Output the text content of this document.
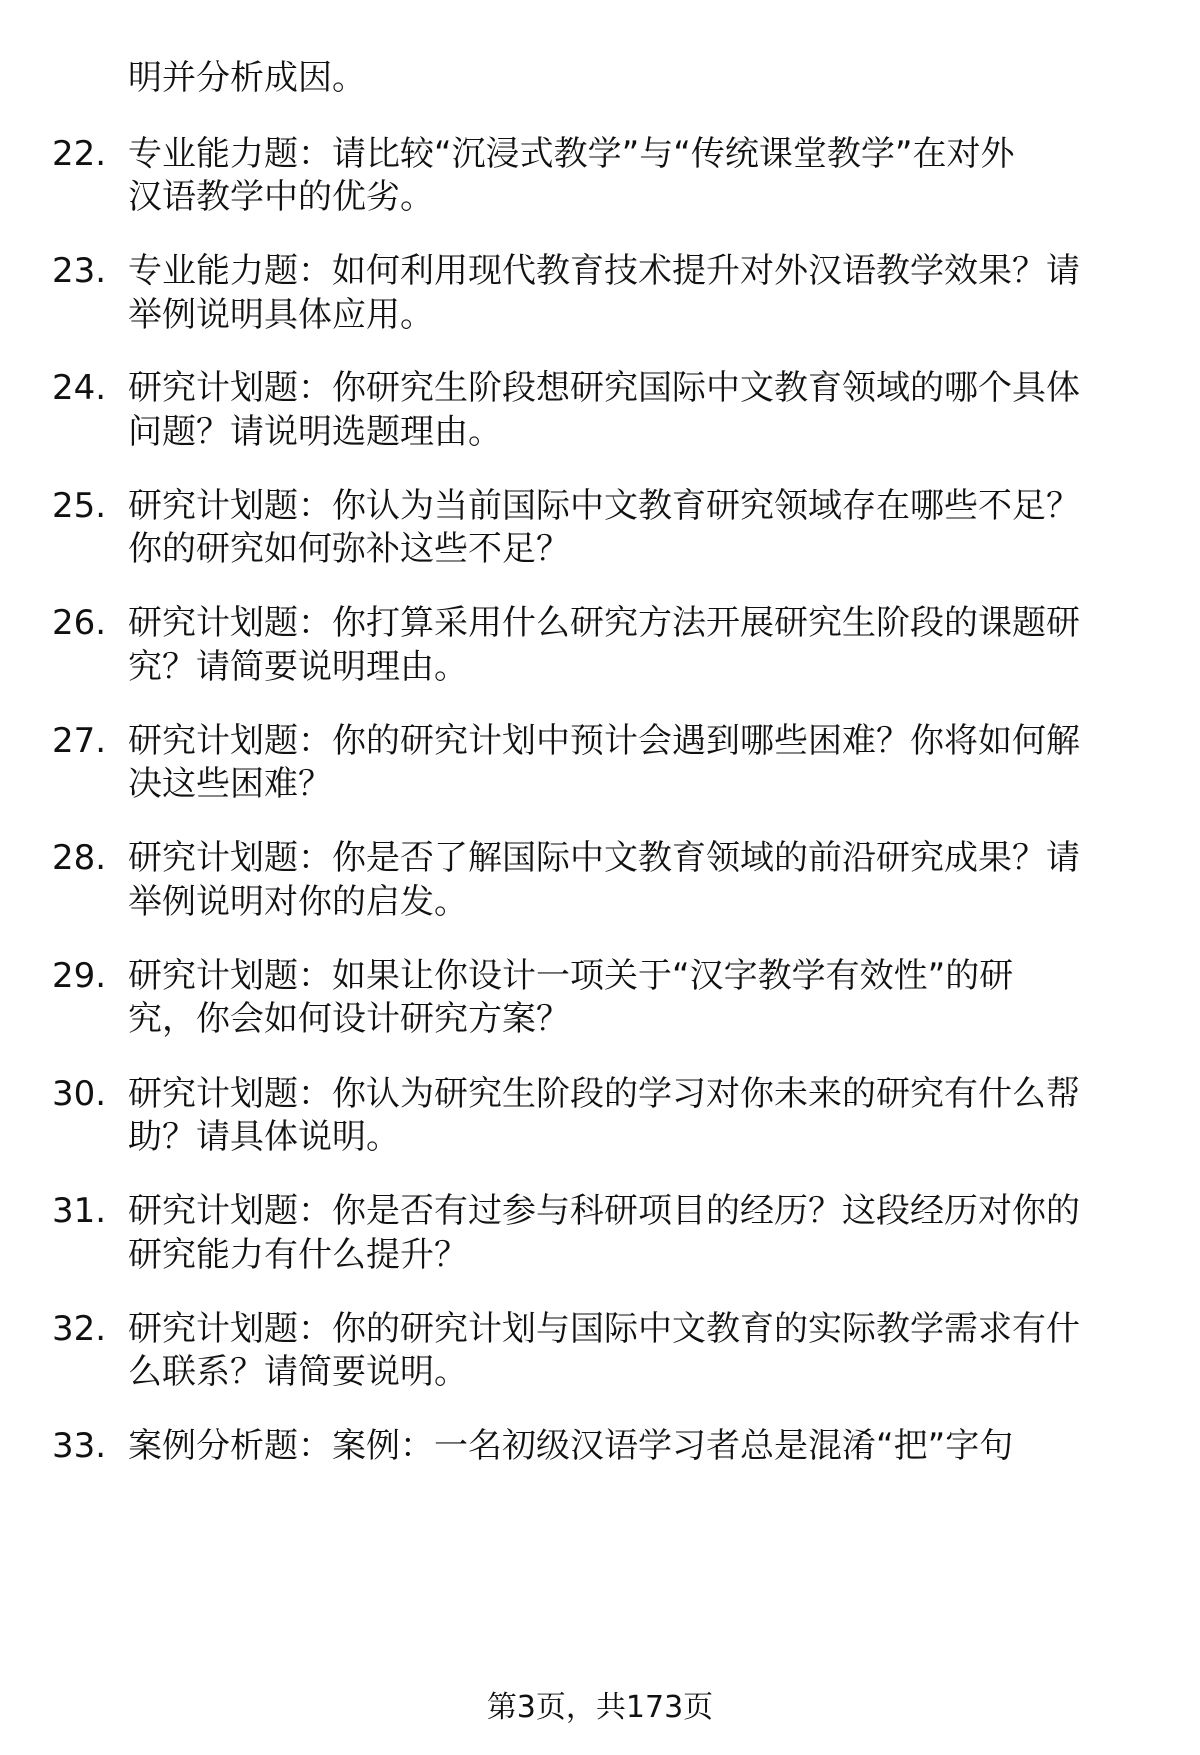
明并分析成因。
22. 专业能力题：请比较“沉浸式教学”与“传统课堂教学”在对外
汉语教学中的优劣。
23. 专业能力题：如何利用现代教育技术提升对外汉语教学效果？请
举例说明具体应用。
24. 研究计划题：你研究生阶段想研究国际中文教育领域的哪个具体
问题？请说明选题理由。
25. 研究计划题：你认为当前国际中文教育研究领域存在哪些不足？
你的研究如何弥补这些不足？
26. 研究计划题：你打算采用什么研究方法开展研究生阶段的课题研
究？请简要说明理由。
27. 研究计划题：你的研究计划中预计会遇到哪些困难？你将如何解
决这些困难？
28. 研究计划题：你是否了解国际中文教育领域的前沿研究成果？请
举例说明对你的启发。
29. 研究计划题：如果让你设计一项关于“汉字教学有效性”的研
究，你会如何设计研究方案？
30. 研究计划题：你认为研究生阶段的学习对你未来的研究有什么帮
助？请具体说明。
31. 研究计划题：你是否有过参与科研项目的经历？这段经历对你的
研究能力有什么提升？
32. 研究计划题：你的研究计划与国际中文教育的实际教学需求有什
么联系？请简要说明。
33. 案例分析题：案例：一名初级汉语学习者总是混淆“把”字句
第3页，共173页
